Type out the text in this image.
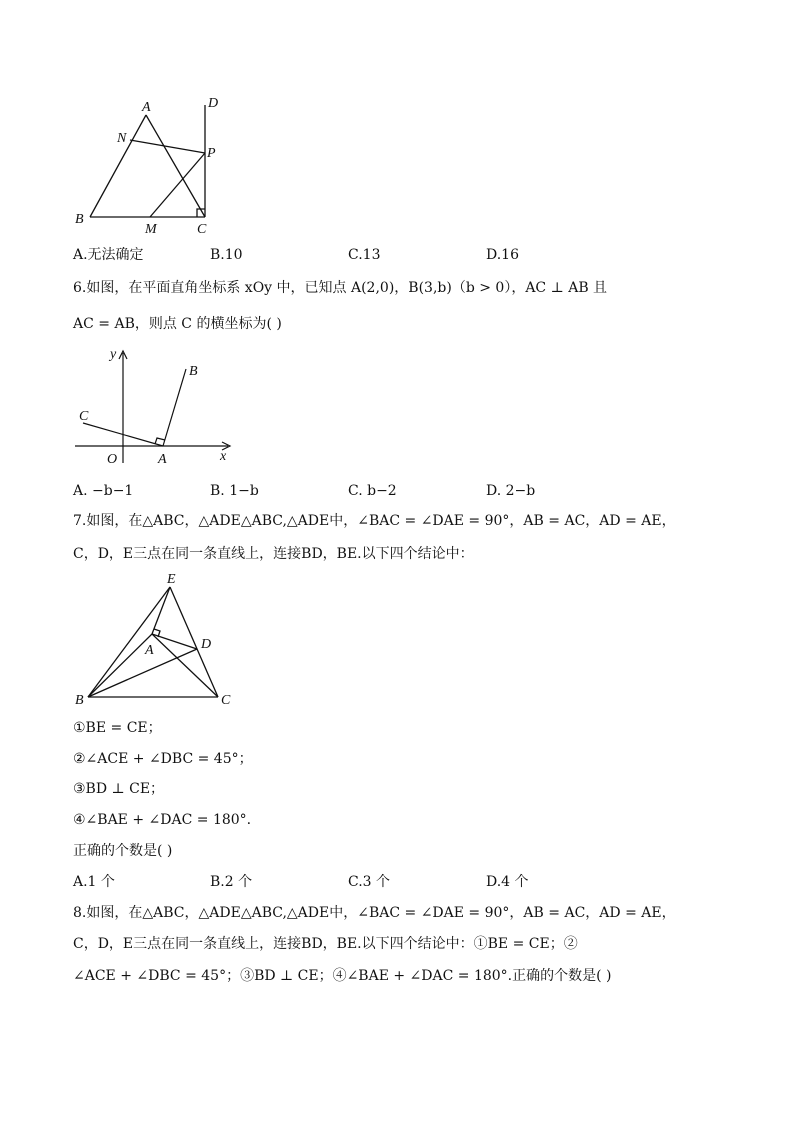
A	D
N
P
B
M	C
A.无法确定	B.10	C.13	D.16
6.如图，在平面直角坐标系 xOy 中，已知点 A(2,0)，B(3,b)（b > 0），AC ⊥ AB 且
AC = AB，则点 C 的横坐标为( )
y
x
O	A
B
C
A. −b−1	B. 1−b	C. b−2	D. 2−b
7.如图，在△ABC，△ADE△ABC,△ADE中，∠BAC = ∠DAE = 90°，AB = AC，AD = AE，
C，D，E三点在同一条直线上，连接BD，BE.以下四个结论中：
E
A	D
B	C
①BE = CE；
②∠ACE + ∠DBC = 45°；
③BD ⊥ CE；
④∠BAE + ∠DAC = 180°.
正确的个数是( )
A.1 个	B.2 个	C.3 个	D.4 个
8.如图，在△ABC，△ADE△ABC,△ADE中，∠BAC = ∠DAE = 90°，AB = AC，AD = AE，
C，D，E三点在同一条直线上，连接BD，BE.以下四个结论中：①BE = CE；②
∠ACE + ∠DBC = 45°；③BD ⊥ CE；④∠BAE + ∠DAC = 180°.正确的个数是( )
